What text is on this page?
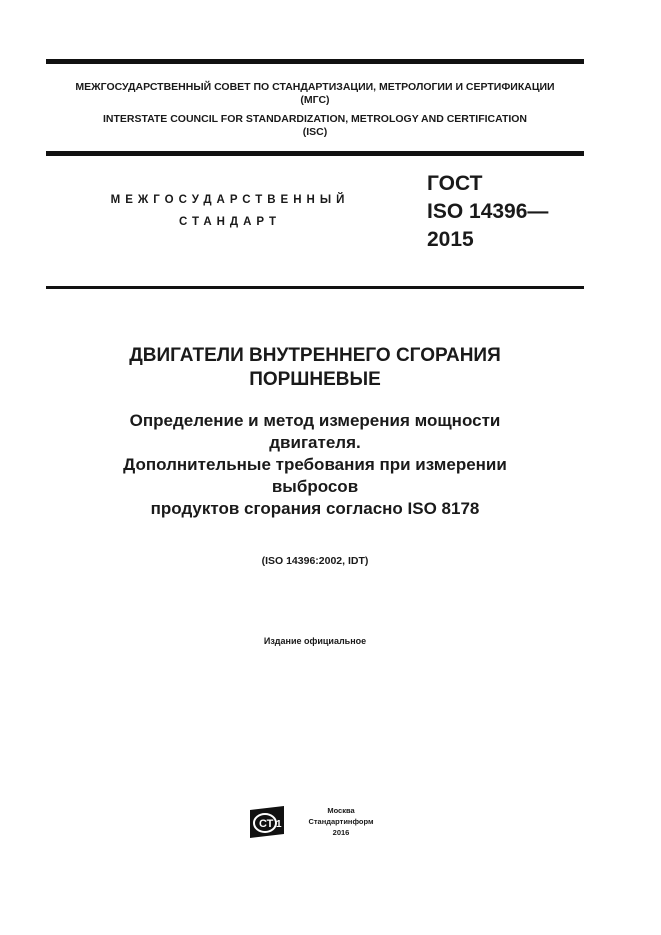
МЕЖГОСУДАРСТВЕННЫЙ СОВЕТ ПО СТАНДАРТИЗАЦИИ, МЕТРОЛОГИИ И СЕРТИФИКАЦИИ
(МГС)
INTERSTATE COUNCIL FOR STANDARDIZATION, METROLOGY AND CERTIFICATION
(ISC)
МЕЖГОСУДАРСТВЕННЫЙ
СТАНДАРТ
ГОСТ
ISO 14396—
2015
ДВИГАТЕЛИ ВНУТРЕННЕГО СГОРАНИЯ
ПОРШНЕВЫЕ
Определение и метод измерения мощности
двигателя.
Дополнительные требования при измерении
выбросов
продуктов сгорания согласно ISO 8178
(ISO 14396:2002, IDT)
Издание официальное
СТ 1
Москва
Стандартинформ
2016
